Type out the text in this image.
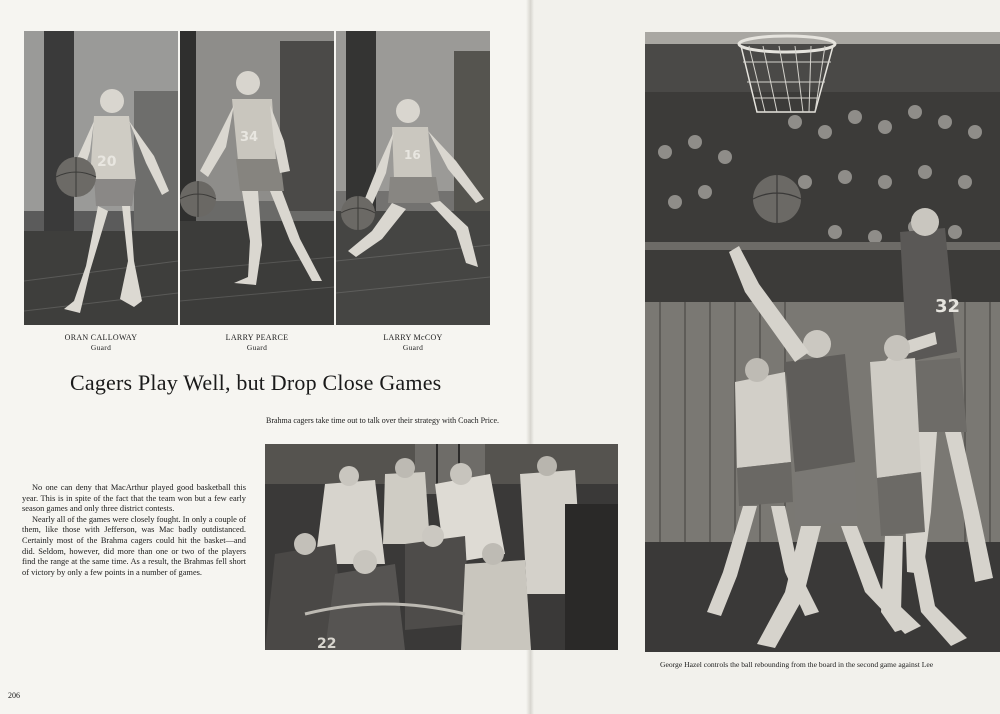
20
34
16
ORAN CALLOWAY
Guard
LARRY PEARCE
Guard
LARRY McCOY
Guard
Cagers Play Well, but Drop Close Games
Brahma cagers take time out to talk over their strategy with Coach Price.
22

No one can deny that MacArthur played good basketball this year. This is in spite of the fact that the team won but a few early season games and only three district contests.

Nearly all of the games were closely fought. In only a couple of them, like those with Jefferson, was Mac badly outdistanced. Certainly most of the Brahma cagers could hit the basket—and did. Seldom, however, did more than one or two of the players find the range at the same time. As a result, the Brahmas fell short of victory by only a few points in a number of games.

206
32
George Hazel controls the ball rebounding from the board in the second game against Lee
